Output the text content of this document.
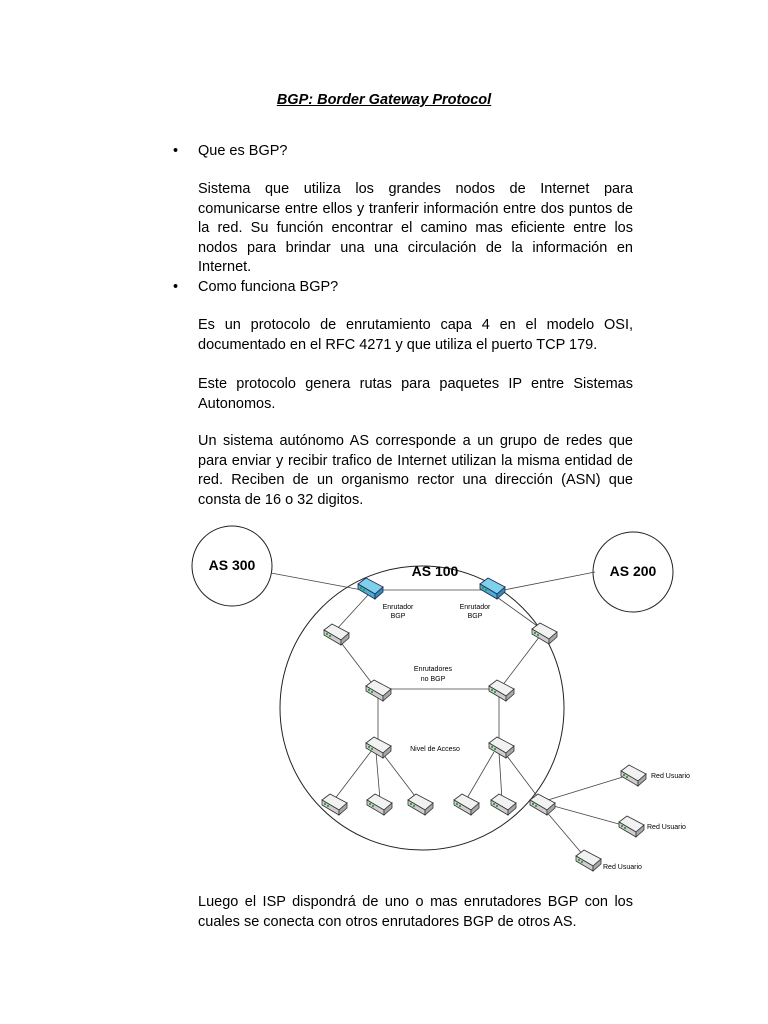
BGP: Border Gateway Protocol
• Que es BGP?
Sistema que utiliza los grandes nodos de Internet para comunicarse entre ellos y tranferir información entre dos puntos de la red. Su función encontrar el camino mas eficiente entre los nodos para brindar una una circulación de la información en Internet.
• Como funciona BGP?
Es un protocolo de enrutamiento capa 4 en el modelo OSI, documentado en el RFC 4271 y que utiliza el puerto TCP 179.
Este protocolo genera rutas para paquetes IP entre Sistemas Autonomos.
Un sistema autónomo AS corresponde a un grupo de redes que para enviar y recibir trafico de Internet utilizan la misma entidad de red. Reciben de un organismo rector una dirección (ASN) que consta de 16 o 32 digitos.
AS 300	AS 100	AS 200
Enrutador
BGP
Enrutador
BGP
Enrutadores
no BGP
Nivel de Acceso
Red Usuario
Red Usuario
Red Usuario
Luego el ISP dispondrá de uno o mas enrutadores BGP con los cuales se conecta con otros enrutadores BGP de otros AS.
